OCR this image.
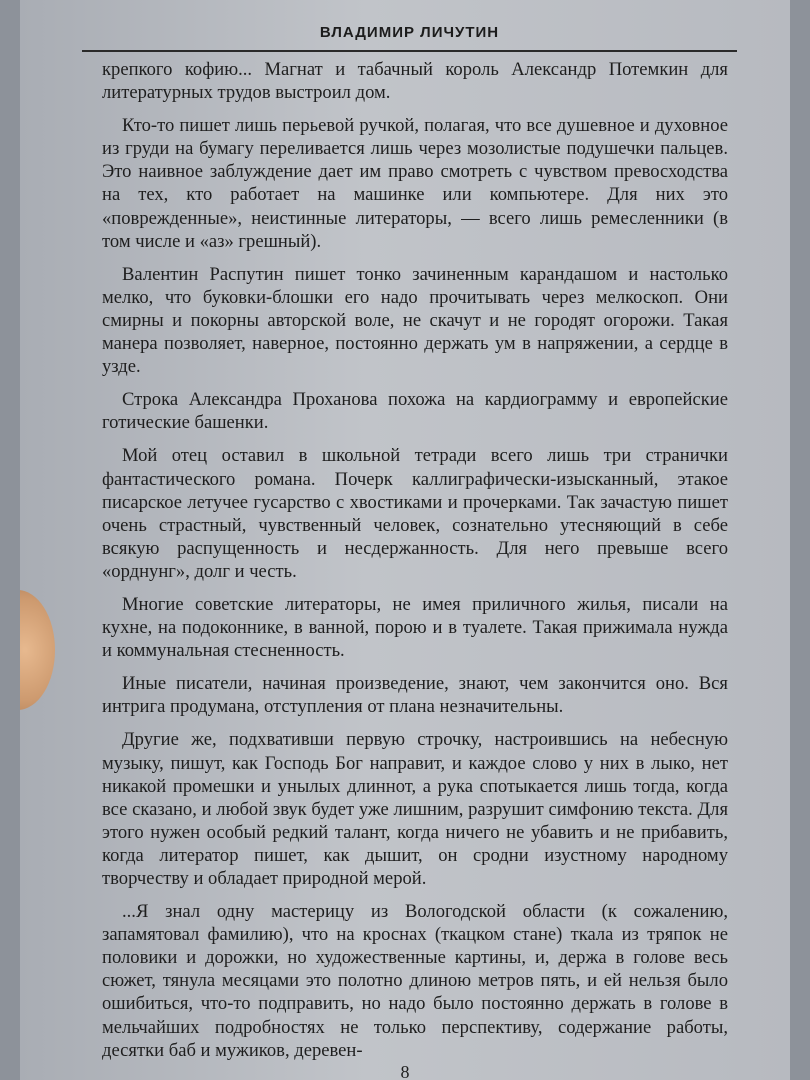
ВЛАДИМИР ЛИЧУТИН

крепкого кофию... Магнат и табачный король Александр Потемкин для литературных трудов выстроил дом.

Кто-то пишет лишь перьевой ручкой, полагая, что все душевное и духовное из груди на бумагу переливается лишь через мозолистые подушечки пальцев. Это наивное заблуждение дает им право смотреть с чувством превосходства на тех, кто работает на машинке или компьютере. Для них это «поврежденные», неистинные литераторы, — всего лишь ремесленники (в том числе и «аз» грешный).

Валентин Распутин пишет тонко зачиненным карандашом и настолько мелко, что буковки-блошки его надо прочитывать через мелкоскоп. Они смирны и покорны авторской воле, не скачут и не городят огорожи. Такая манера позволяет, наверное, постоянно держать ум в напряжении, а сердце в узде.

Строка Александра Проханова похожа на кардиограмму и европейские готические башенки.

Мой отец оставил в школьной тетради всего лишь три странички фантастического романа. Почерк каллиграфически-изысканный, этакое писарское летучее гусарство с хвостиками и прочерками. Так зачастую пишет очень страстный, чувственный человек, сознательно утесняющий в себе всякую распущенность и несдержанность. Для него превыше всего «орднунг», долг и честь.

Многие советские литераторы, не имея приличного жилья, писали на кухне, на подоконнике, в ванной, порою и в туалете. Такая прижимала нужда и коммунальная стесненность.

Иные писатели, начиная произведение, знают, чем закончится оно. Вся интрига продумана, отступления от плана незначительны.

Другие же, подхвативши первую строчку, настроившись на небесную музыку, пишут, как Господь Бог направит, и каждое слово у них в лыко, нет никакой промешки и унылых длиннот, а рука спотыкается лишь тогда, когда все сказано, и любой звук будет уже лишним, разрушит симфонию текста. Для этого нужен особый редкий талант, когда ничего не убавить и не прибавить, когда литератор пишет, как дышит, он сродни изустному народному творчеству и обладает природной мерой.

...Я знал одну мастерицу из Вологодской области (к сожалению, запамятовал фамилию), что на кроснах (ткацком стане) ткала из тряпок не половики и дорожки, но художественные картины, и, держа в голове весь сюжет, тянула месяцами это полотно длиною метров пять, и ей нельзя было ошибиться, что-то подправить, но надо было постоянно держать в голове в мельчайших подробностях не только перспективу, содержание работы, десятки баб и мужиков, деревен-

8
